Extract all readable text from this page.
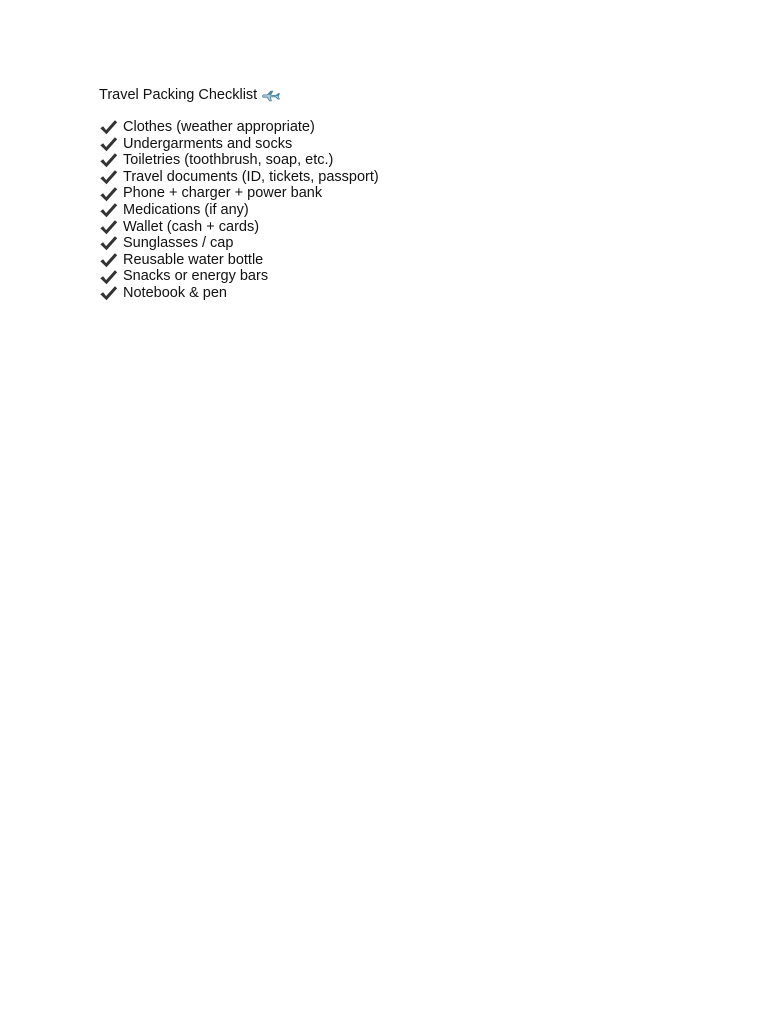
Travel Packing Checklist
Clothes (weather appropriate)
Undergarments and socks
Toiletries (toothbrush, soap, etc.)
Travel documents (ID, tickets, passport)
Phone + charger + power bank
Medications (if any)
Wallet (cash + cards)
Sunglasses / cap
Reusable water bottle
Snacks or energy bars
Notebook & pen
